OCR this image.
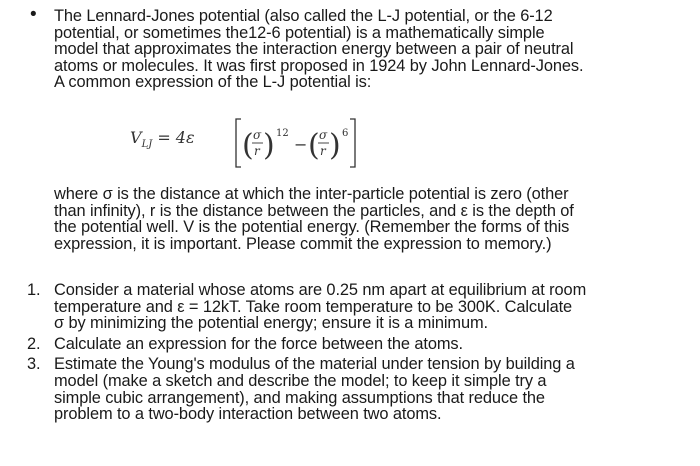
• The Lennard-Jones potential (also called the L-J potential, or the 6-12
potential, or sometimes the12-6 potential) is a mathematically simple
model that approximates the interaction energy between a pair of neutral
atoms or molecules. It was first proposed in 1924 by John Lennard-Jones.
A common expression of the L-J potential is:
$V_{LJ} = 4\varepsilon$ ( σ
r ) 12
− ( σ
r ) 6
where σ is the distance at which the inter-particle potential is zero (other
than infinity), r is the distance between the particles, and ε is the depth of
the potential well. V is the potential energy. (Remember the forms of this
expression, it is important. Please commit the expression to memory.)
1. Consider a material whose atoms are 0.25 nm apart at equilibrium at room
temperature and ε = 12kT. Take room temperature to be 300K. Calculate
σ by minimizing the potential energy; ensure it is a minimum.
2. Calculate an expression for the force between the atoms.
3. Estimate the Young's modulus of the material under tension by building a
model (make a sketch and describe the model; to keep it simple try a
simple cubic arrangement), and making assumptions that reduce the
problem to a two-body interaction between two atoms.
